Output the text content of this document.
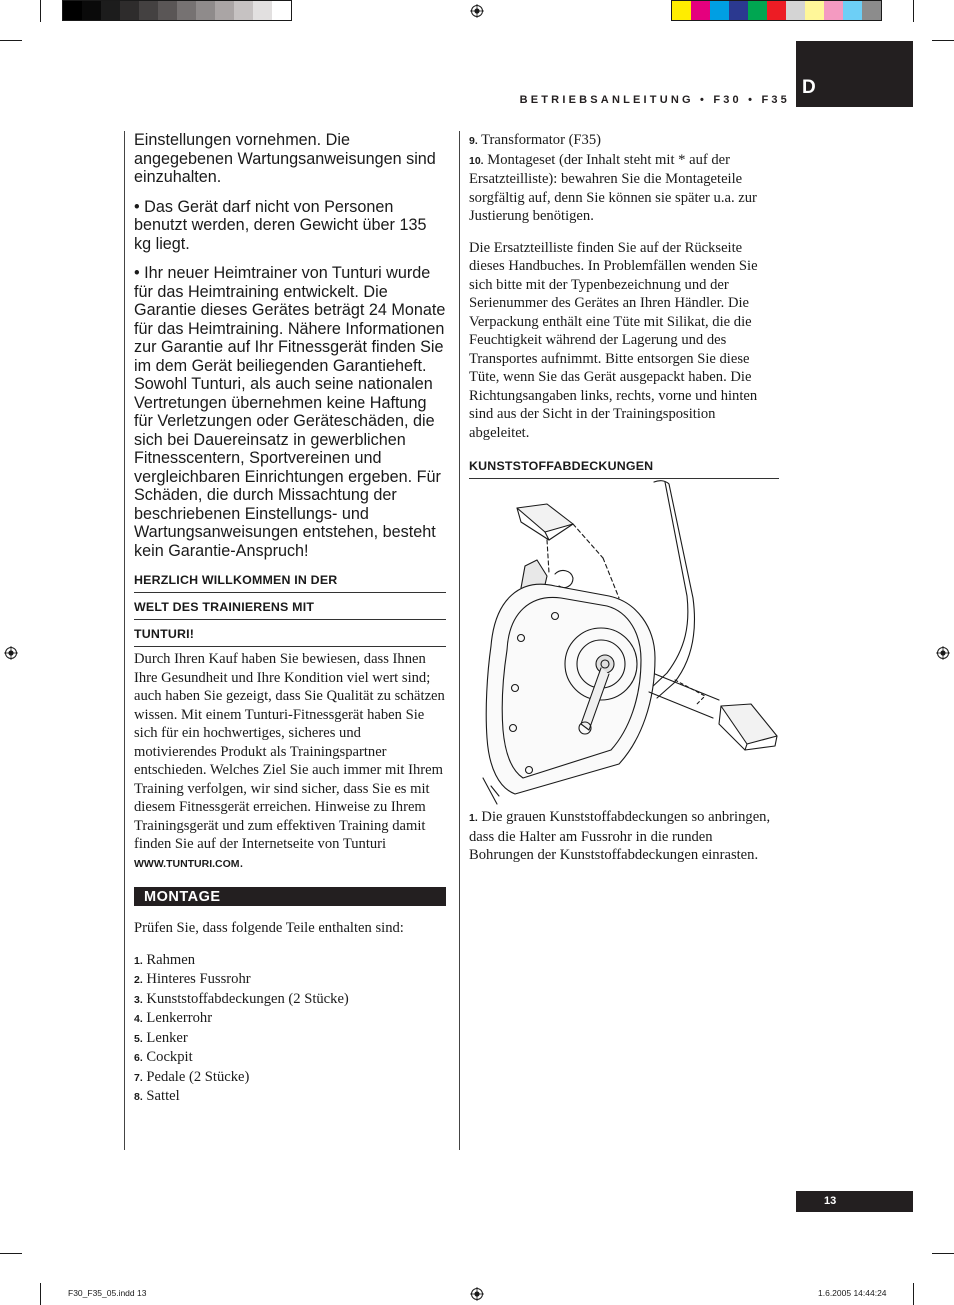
D
BETRIEBSANLEITUNG • F30 • F35

Einstellungen vornehmen. Die angegebenen Wartungsanweisungen sind einzuhalten.

• Das Gerät darf nicht von Personen benutzt werden, deren Gewicht über 135 kg liegt.

• Ihr neuer Heimtrainer von Tunturi wurde für das Heimtraining entwickelt. Die Garantie dieses Gerätes beträgt 24 Monate für das Heimtraining. Nähere Informationen zur Garantie auf Ihr Fitnessgerät finden Sie im dem Gerät beiliegenden Garantieheft. Sowohl Tunturi, als auch seine nationalen Vertretungen übernehmen keine Haftung für Verletzungen oder Geräteschäden, die sich bei Dauereinsatz in gewerblichen Fitnesscentern, Sportvereinen und vergleichbaren Einrichtungen ergeben. Für Schäden, die durch Missachtung der beschriebenen Einstellungs- und Wartungsanweisungen entstehen, besteht kein Garantie-Anspruch!

HERZLICH WILLKOMMEN IN DER
WELT DES TRAINIERENS MIT
TUNTURI!

Durch Ihren Kauf haben Sie bewiesen, dass Ihnen Ihre Gesundheit und Ihre Kondition viel wert sind; auch haben Sie gezeigt, dass Sie Qualität zu schätzen wissen. Mit einem Tunturi-Fitnessgerät haben Sie sich für ein hochwertiges, sicheres und motivierendes Produkt als Trainingspartner entschieden. Welches Ziel Sie auch immer mit Ihrem Training verfolgen, wir sind sicher, dass Sie es mit diesem Fitnessgerät erreichen. Hinweise zu Ihrem Trainingsgerät und zum effektiven Training damit finden Sie auf der Internetseite von Tunturi WWW.TUNTURI.COM.

MONTAGE

Prüfen Sie, dass folgende Teile enthalten sind:

1. Rahmen
2. Hinteres Fussrohr
3. Kunststoffabdeckungen (2 Stücke)
4. Lenkerrohr
5. Lenker
6. Cockpit
7. Pedale (2 Stücke)
8. Sattel
9. Transformator (F35)
10. Montageset (der Inhalt steht mit * auf der Ersatzteilliste): bewahren Sie die Montageteile sorgfältig auf, denn Sie können sie später u.a. zur Justierung benötigen.

Die Ersatzteilliste finden Sie auf der Rückseite dieses Handbuches. In Problemfällen wenden Sie sich bitte mit der Typenbezeichnung und der Serienummer des Gerätes an Ihren Händler. Die Verpackung enthält eine Tüte mit Silikat, die die Feuchtigkeit während der Lagerung und des Transportes aufnimmt. Bitte entsorgen Sie diese Tüte, wenn Sie das Gerät ausgepackt haben. Die Richtungsangaben links, rechts, vorne und hinten sind aus der Sicht in der Trainingsposition abgeleitet.

KUNSTSTOFFABDECKUNGEN

1. Die grauen Kunststoffabdeckungen so anbringen, dass die Halter am Fussrohr in die runden Bohrungen der Kunststoffabdeckungen einrasten.

13
F30_F35_05.indd 13	1.6.2005 14:44:24
